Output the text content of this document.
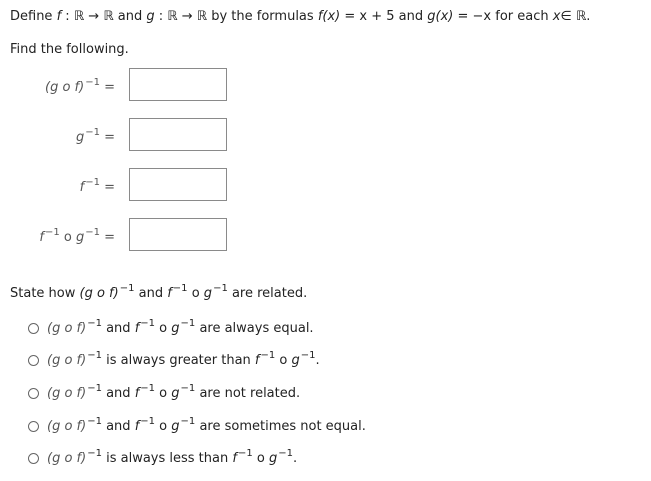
Define f : ℝ → ℝ and g : ℝ → ℝ by the formulas f(x) = x + 5 and g(x) = −x for each x∈ ℝ.
Find the following.
(g o f)$^{-1}$ =
$g^{-1}$ =
$f^{-1}$ =
$f^{-1}$ o $g^{-1}$ =
State how (g o f)$^{-1}$ and $f^{-1}$ o $g^{-1}$ are related.
(g o f)$^{-1}$ and $f^{-1}$ o $g^{-1}$ are always equal.
(g o f)$^{-1}$ is always greater than $f^{-1}$ o $g^{-1}$.
(g o f)$^{-1}$ and $f^{-1}$ o $g^{-1}$ are not related.
(g o f)$^{-1}$ and $f^{-1}$ o $g^{-1}$ are sometimes not equal.
(g o f)$^{-1}$ is always less than $f^{-1}$ o $g^{-1}$.
